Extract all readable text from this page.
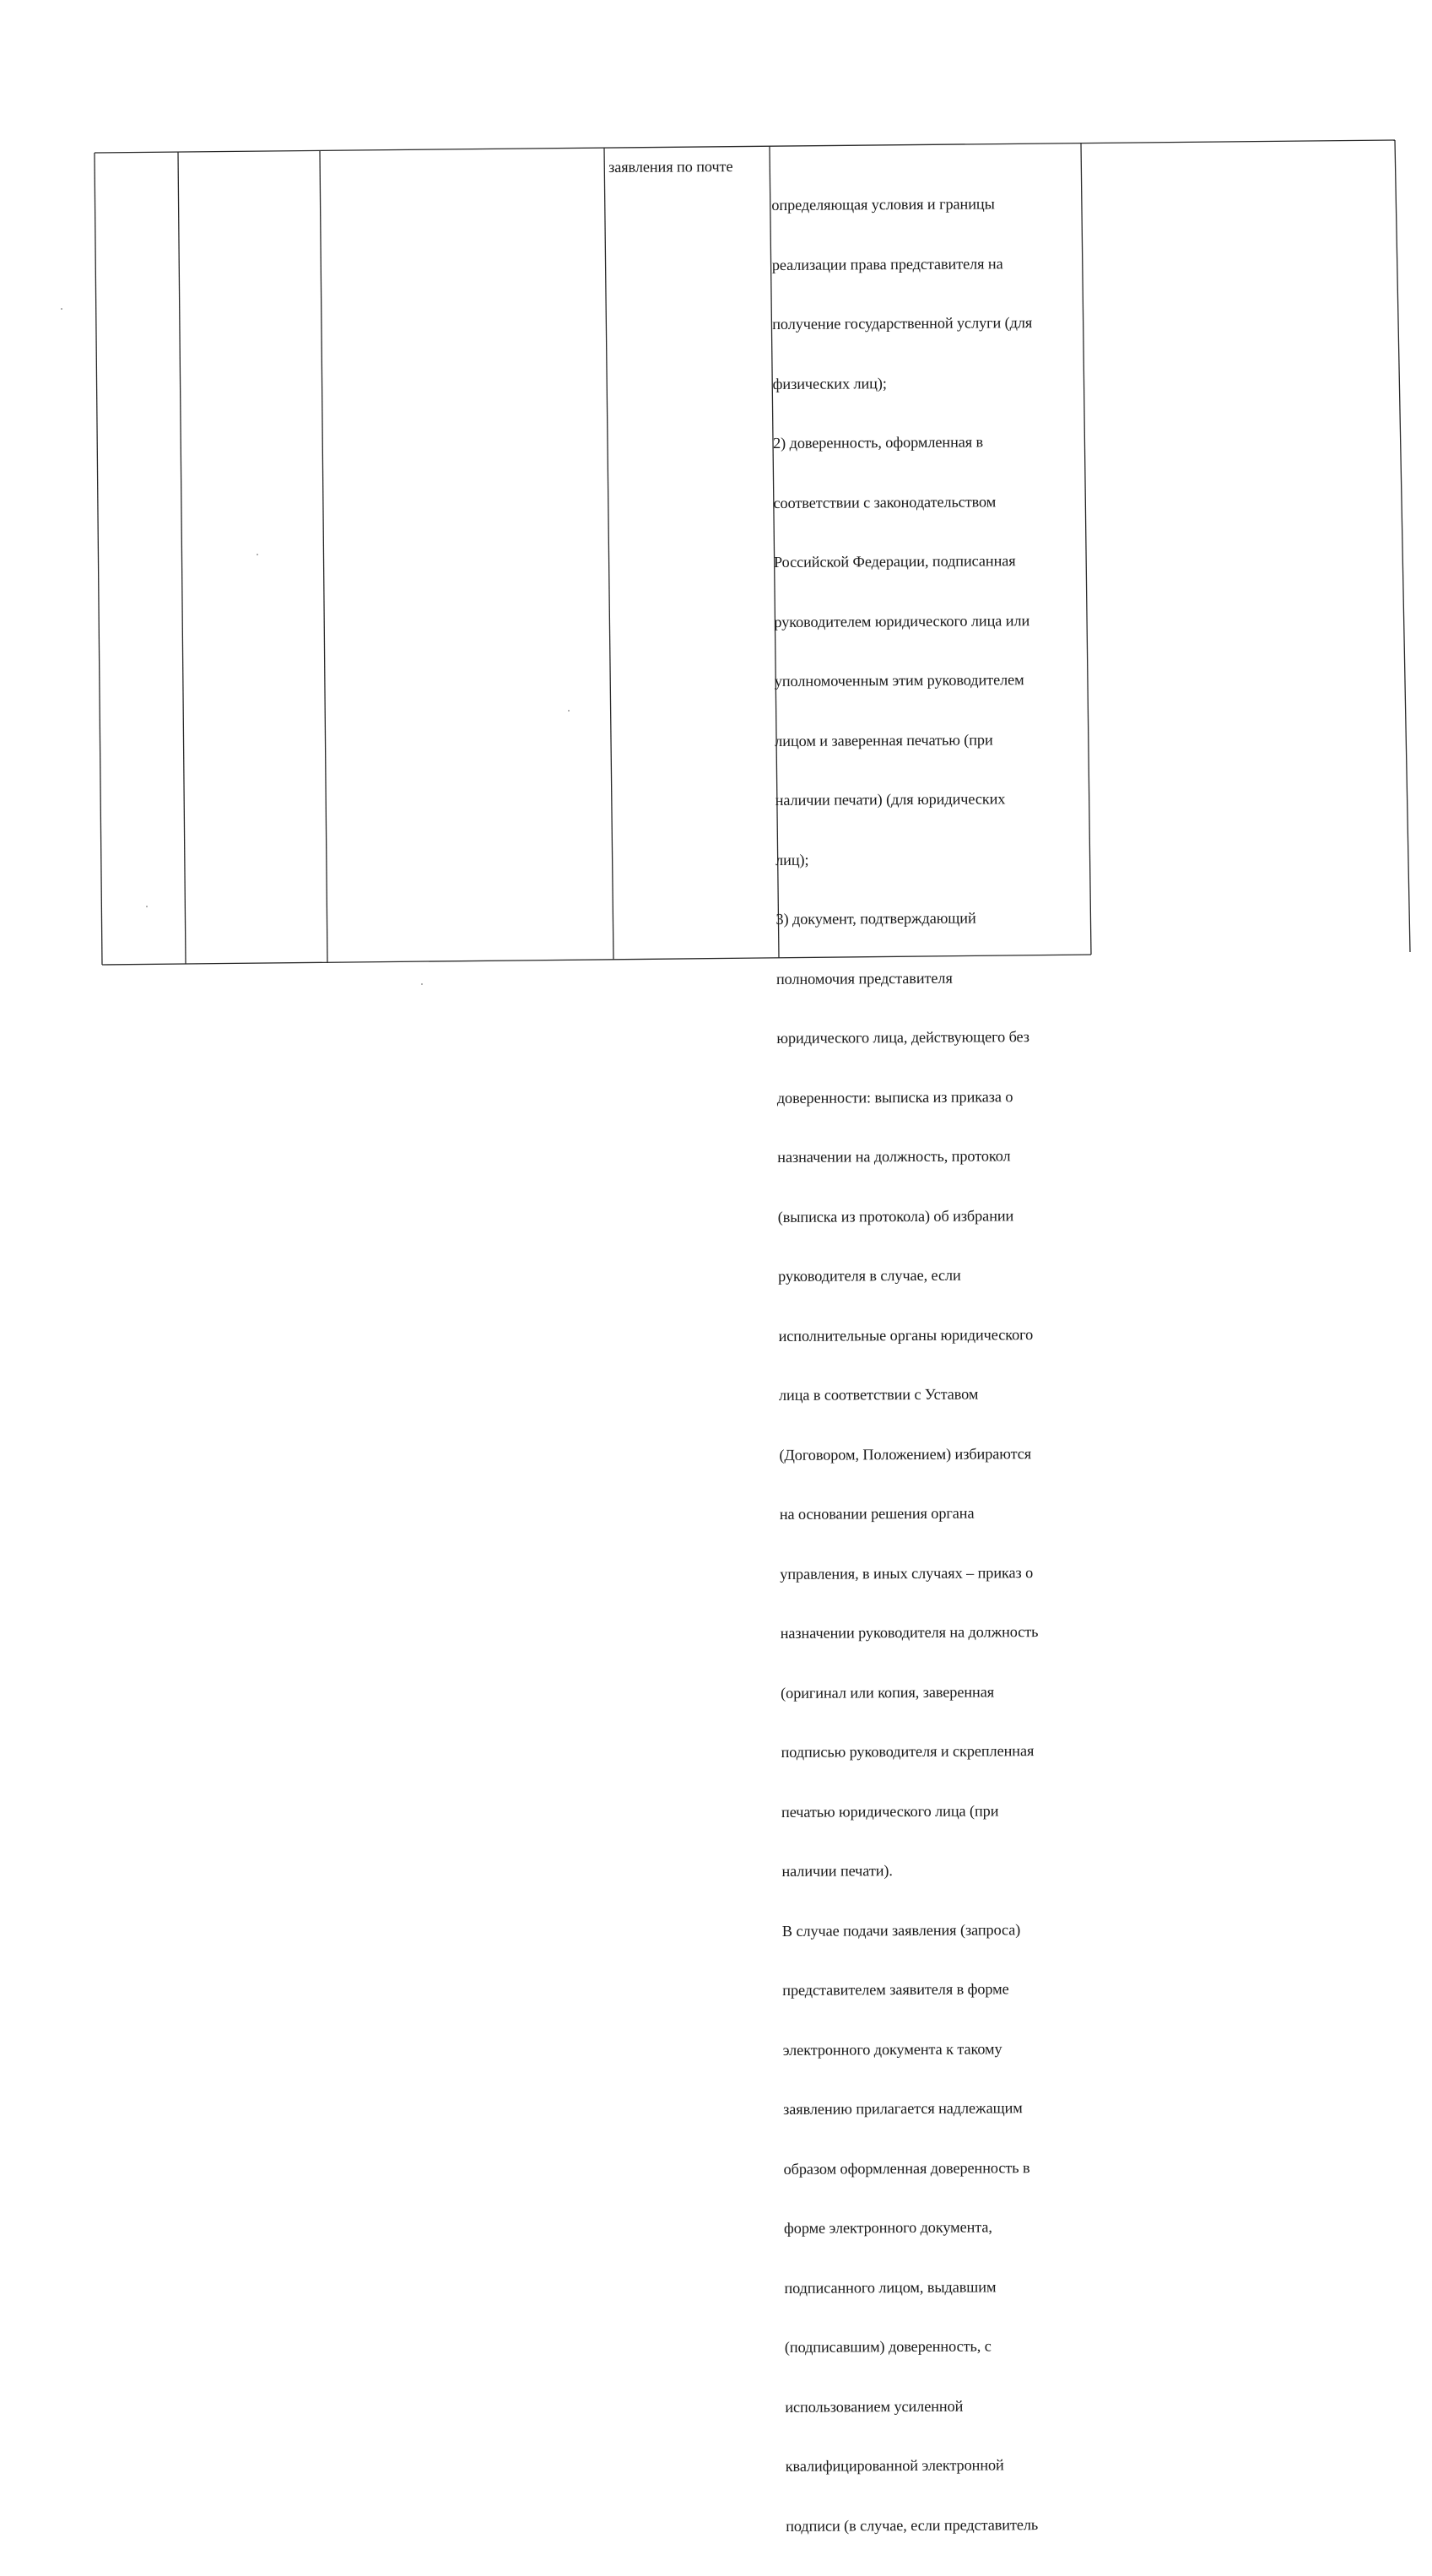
заявления по почте

определяющая условия и границы

реализации права представителя на

получение государственной услуги (для

физических лиц);

2) доверенность, оформленная в

соответствии с законодательством

Российской Федерации, подписанная

руководителем юридического лица или

уполномоченным этим руководителем

лицом и заверенная печатью (при

наличии печати) (для юридических

лиц);

3) документ, подтверждающий

полномочия представителя

юридического лица, действующего без

доверенности: выписка из приказа о

назначении на должность, протокол

(выписка из протокола) об избрании

руководителя в случае, если

исполнительные органы юридического

лица в соответствии с Уставом

(Договором, Положением) избираются

на основании решения органа

управления, в иных случаях – приказ о

назначении руководителя на должность

(оригинал или копия, заверенная

подписью руководителя и скрепленная

печатью юридического лица (при

наличии печати).

В случае подачи заявления (запроса)

представителем заявителя в форме

электронного документа к такому

заявлению прилагается надлежащим

образом оформленная доверенность в

форме электронного документа,

подписанного лицом, выдавшим

(подписавшим) доверенность, с

использованием усиленной

квалифицированной электронной

подписи (в случае, если представитель
